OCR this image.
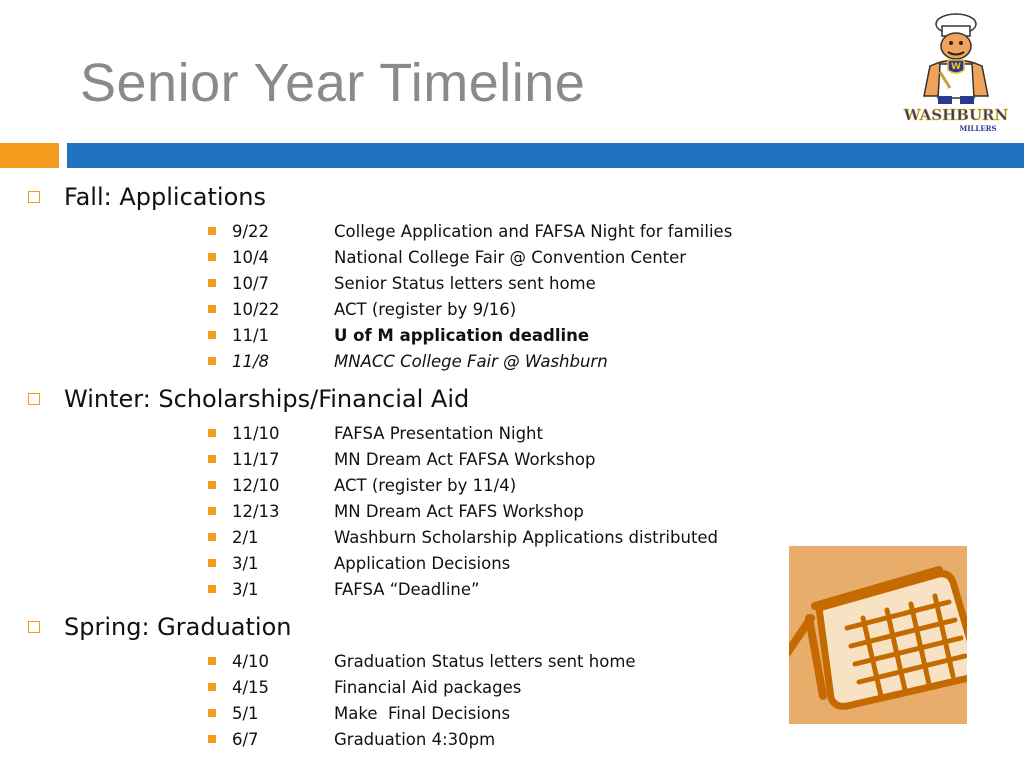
Senior Year Timeline	W
WASHBURN
MILLERS
Fall: Applications
9/22	College Application and FAFSA Night for families
10/4	National College Fair @ Convention Center
10/7	Senior Status letters sent home
10/22	ACT (register by 9/16)
11/1	U of M application deadline
11/8	MNACC College Fair @ Washburn
Winter: Scholarships/Financial Aid
11/10	FAFSA Presentation Night
11/17	MN Dream Act FAFSA Workshop
12/10	ACT (register by 11/4)
12/13	MN Dream Act FAFS Workshop
2/1	Washburn Scholarship Applications distributed
3/1	Application Decisions
3/1	FAFSA “Deadline”
Spring: Graduation
4/10	Graduation Status letters sent home
4/15	Financial Aid packages
5/1	Make  Final Decisions
6/7	Graduation 4:30pm
